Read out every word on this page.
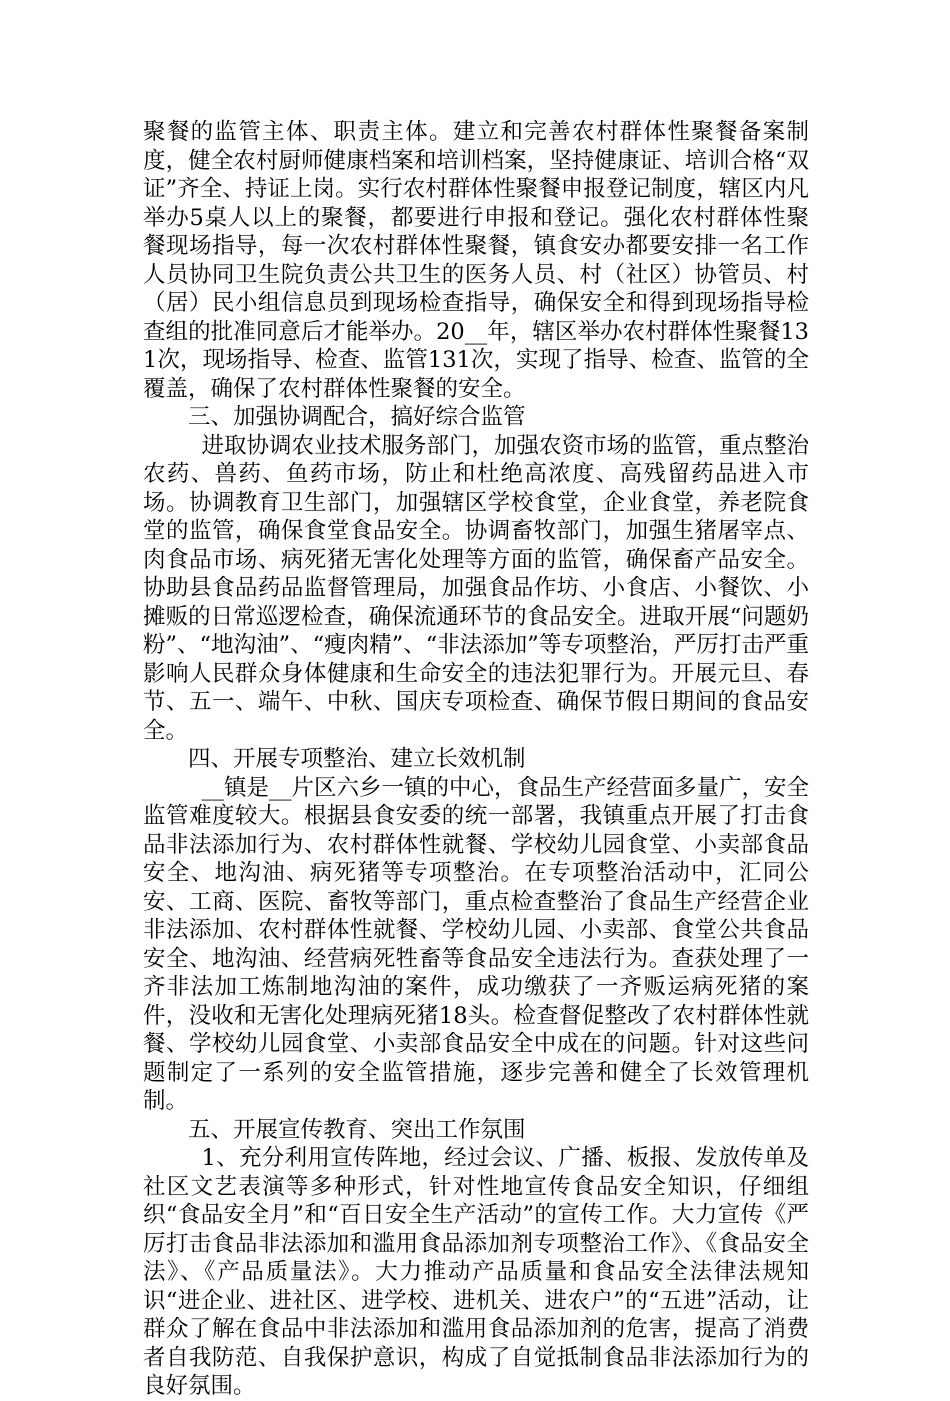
聚餐的监管主体、职责主体。建立和完善农村群体性聚餐备案制度，健全农村厨师健康档案和培训档案，坚持健康证、培训合格“双证”齐全、持证上岗。实行农村群体性聚餐申报登记制度，辖区内凡举办5桌人以上的聚餐，都要进行申报和登记。强化农村群体性聚餐现场指导，每一次农村群体性聚餐，镇食安办都要安排一名工作人员协同卫生院负责公共卫生的医务人员、村（社区）协管员、村（居）民小组信息员到现场检查指导，确保安全和得到现场指导检查组的批准同意后才能举办。20__年，辖区举办农村群体性聚餐131次，现场指导、检查、监管131次，实现了指导、检查、监管的全覆盖，确保了农村群体性聚餐的安全。

三、加强协调配合，搞好综合监管

进取协调农业技术服务部门，加强农资市场的监管，重点整治农药、兽药、鱼药市场，防止和杜绝高浓度、高残留药品进入市场。协调教育卫生部门，加强辖区学校食堂，企业食堂，养老院食堂的监管，确保食堂食品安全。协调畜牧部门，加强生猪屠宰点、肉食品市场、病死猪无害化处理等方面的监管，确保畜产品安全。协助县食品药品监督管理局，加强食品作坊、小食店、小餐饮、小摊贩的日常巡逻检查，确保流通环节的食品安全。进取开展“问题奶粉”、“地沟油”、“瘦肉精”、“非法添加”等专项整治，严厉打击严重影响人民群众身体健康和生命安全的违法犯罪行为。开展元旦、春节、五一、端午、中秋、国庆专项检查、确保节假日期间的食品安全。

四、开展专项整治、建立长效机制

__镇是__片区六乡一镇的中心，食品生产经营面多量广，安全监管难度较大。根据县食安委的统一部署，我镇重点开展了打击食品非法添加行为、农村群体性就餐、学校幼儿园食堂、小卖部食品安全、地沟油、病死猪等专项整治。在专项整治活动中，汇同公安、工商、医院、畜牧等部门，重点检查整治了食品生产经营企业非法添加、农村群体性就餐、学校幼儿园、小卖部、食堂公共食品安全、地沟油、经营病死牲畜等食品安全违法行为。查获处理了一齐非法加工炼制地沟油的案件，成功缴获了一齐贩运病死猪的案件，没收和无害化处理病死猪18头。检查督促整改了农村群体性就餐、学校幼儿园食堂、小卖部食品安全中成在的问题。针对这些问题制定了一系列的安全监管措施，逐步完善和健全了长效管理机制。

五、开展宣传教育、突出工作氛围

1、充分利用宣传阵地，经过会议、广播、板报、发放传单及社区文艺表演等多种形式，针对性地宣传食品安全知识，仔细组织“食品安全月”和“百日安全生产活动”的宣传工作。大力宣传《严厉打击食品非法添加和滥用食品添加剂专项整治工作》、《食品安全法》、《产品质量法》。大力推动产品质量和食品安全法律法规知识“进企业、进社区、进学校、进机关、进农户”的“五进”活动，让群众了解在食品中非法添加和滥用食品添加剂的危害，提高了消费者自我防范、自我保护意识，构成了自觉抵制食品非法添加行为的良好氛围。
